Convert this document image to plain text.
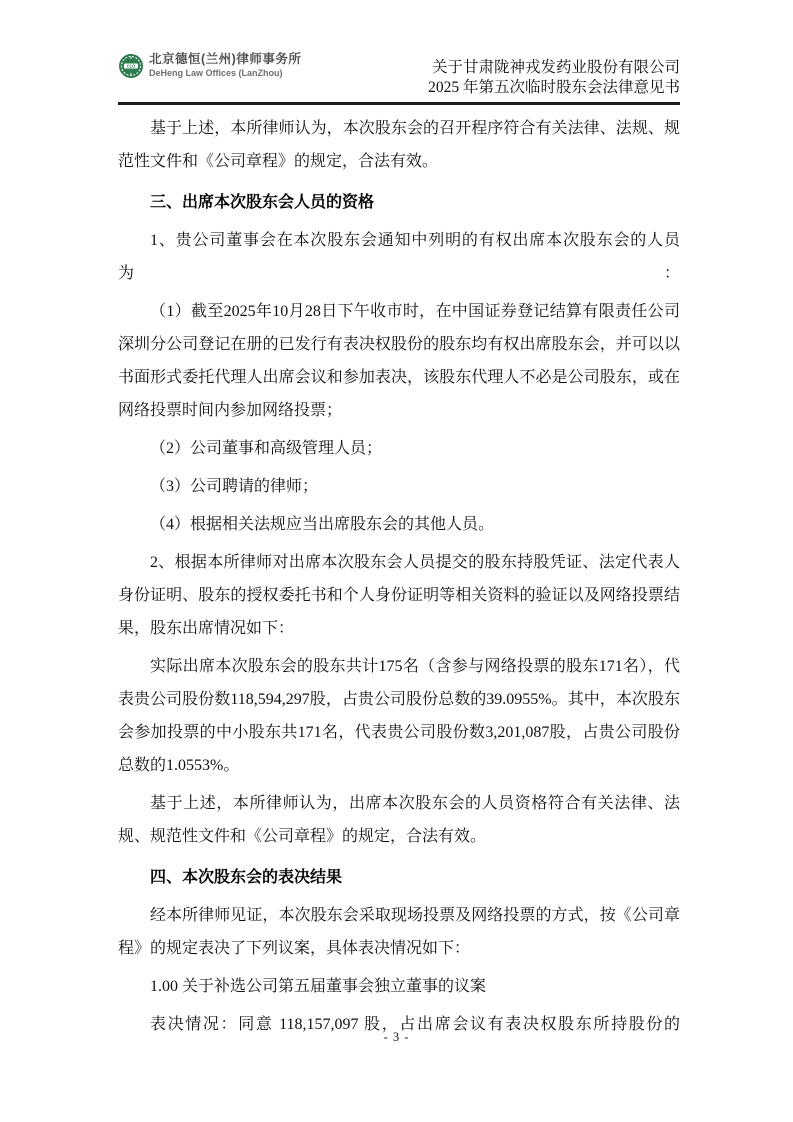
CLO
北京德恒(兰州)律师事务所
DeHeng Law Offices (LanZhou)	关于甘肃陇神戎发药业股份有限公司
2025 年第五次临时股东会法律意见书

基于上述，本所律师认为，本次股东会的召开程序符合有关法律、法规、规范性文件和《公司章程》的规定，合法有效。

三、出席本次股东会人员的资格

1、贵公司董事会在本次股东会通知中列明的有权出席本次股东会的人员为：

（1）截至2025年10月28日下午收市时，在中国证券登记结算有限责任公司深圳分公司登记在册的已发行有表决权股份的股东均有权出席股东会，并可以以书面形式委托代理人出席会议和参加表决，该股东代理人不必是公司股东，或在网络投票时间内参加网络投票；

（2）公司董事和高级管理人员；

（3）公司聘请的律师；

（4）根据相关法规应当出席股东会的其他人员。

2、根据本所律师对出席本次股东会人员提交的股东持股凭证、法定代表人身份证明、股东的授权委托书和个人身份证明等相关资料的验证以及网络投票结果，股东出席情况如下：

实际出席本次股东会的股东共计175名（含参与网络投票的股东171名），代表贵公司股份数118,594,297股，占贵公司股份总数的39.0955%。其中，本次股东会参加投票的中小股东共171名，代表贵公司股份数3,201,087股，占贵公司股份总数的1.0553%。

基于上述，本所律师认为，出席本次股东会的人员资格符合有关法律、法规、规范性文件和《公司章程》的规定，合法有效。

四、本次股东会的表决结果

经本所律师见证，本次股东会采取现场投票及网络投票的方式，按《公司章程》的规定表决了下列议案，具体表决情况如下：

1.00 关于补选公司第五届董事会独立董事的议案

表决情况：同意 118,157,097 股，占出席会议有表决权股东所持股份的

- 3 -
